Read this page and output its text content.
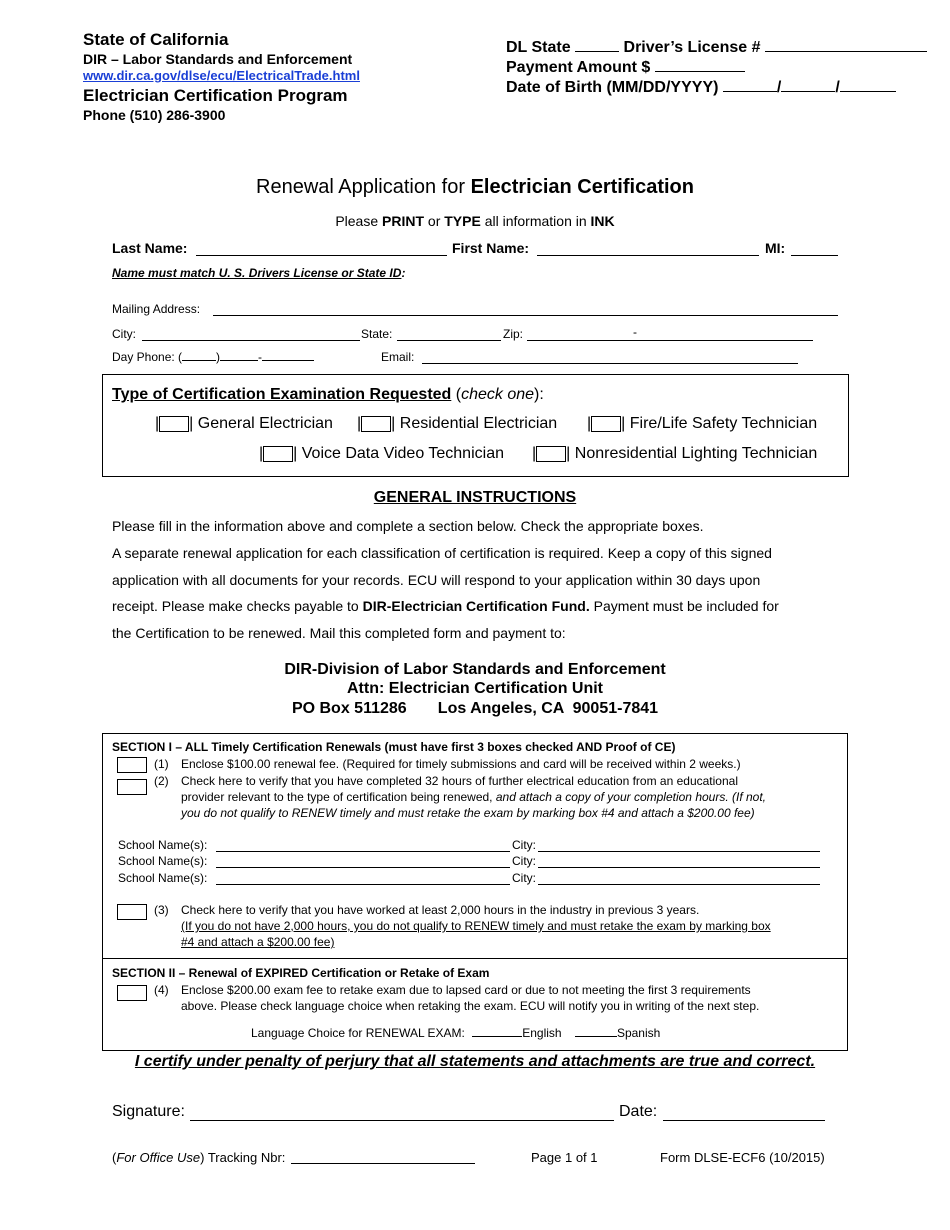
State of California
DIR – Labor Standards and Enforcement
www.dir.ca.gov/dlse/ecu/ElectricalTrade.html
Electrician Certification Program
Phone (510) 286-3900
DL State	Driver’s License #
Payment Amount $
Date of Birth (MM/DD/YYYY)	/	/
Renewal Application for Electrician Certification
Please PRINT or TYPE all information in INK
Last Name:	First Name:	MI:
Name must match U. S. Drivers License or State ID:
Mailing Address:
City:	State:	Zip:	-
Day Phone: (	)	-	Email:
Type of Certification Examination Requested (check one):
| | General Electrician | | Residential Electrician | | Fire/Life Safety Technician
| | Voice Data Video Technician | | Nonresidential Lighting Technician
GENERAL INSTRUCTIONS
Please fill in the information above and complete a section below. Check the appropriate boxes.
A separate renewal application for each classification of certification is required. Keep a copy of this signed
application with all documents for your records. ECU will respond to your application within 30 days upon
receipt. Please make checks payable to DIR-Electrician Certification Fund. Payment must be included for
the Certification to be renewed. Mail this completed form and payment to:
DIR-Division of Labor Standards and Enforcement
Attn: Electrician Certification Unit
PO Box 511286       Los Angeles, CA  90051-7841
SECTION I – ALL Timely Certification Renewals (must have first 3 boxes checked AND Proof of CE)
(1) Enclose $100.00 renewal fee. (Required for timely submissions and card will be received within 2 weeks.)
(2) Check here to verify that you have completed 32 hours of further electrical education from an educational
provider relevant to the type of certification being renewed, and attach a copy of your completion hours. (If not,
you do not qualify to RENEW timely and must retake the exam by marking box #4 and attach a $200.00 fee)
School Name(s):	City:
School Name(s):	City:
School Name(s):	City:
(3) Check here to verify that you have worked at least 2,000 hours in the industry in previous 3 years.
(If you do not have 2,000 hours, you do not qualify to RENEW timely and must retake the exam by marking box
#4 and attach a $200.00 fee)
SECTION II – Renewal of EXPIRED Certification or Retake of Exam
(4) Enclose $200.00 exam fee to retake exam due to lapsed card or due to not meeting the first 3 requirements
above. Please check language choice when retaking the exam. ECU will notify you in writing of the next step.
Language Choice for RENEWAL EXAM:	English	Spanish
I certify under penalty of perjury that all statements and attachments are true and correct.
Signature:	Date:
(For Office Use) Tracking Nbr:	Page 1 of 1	Form DLSE-ECF6 (10/2015)
